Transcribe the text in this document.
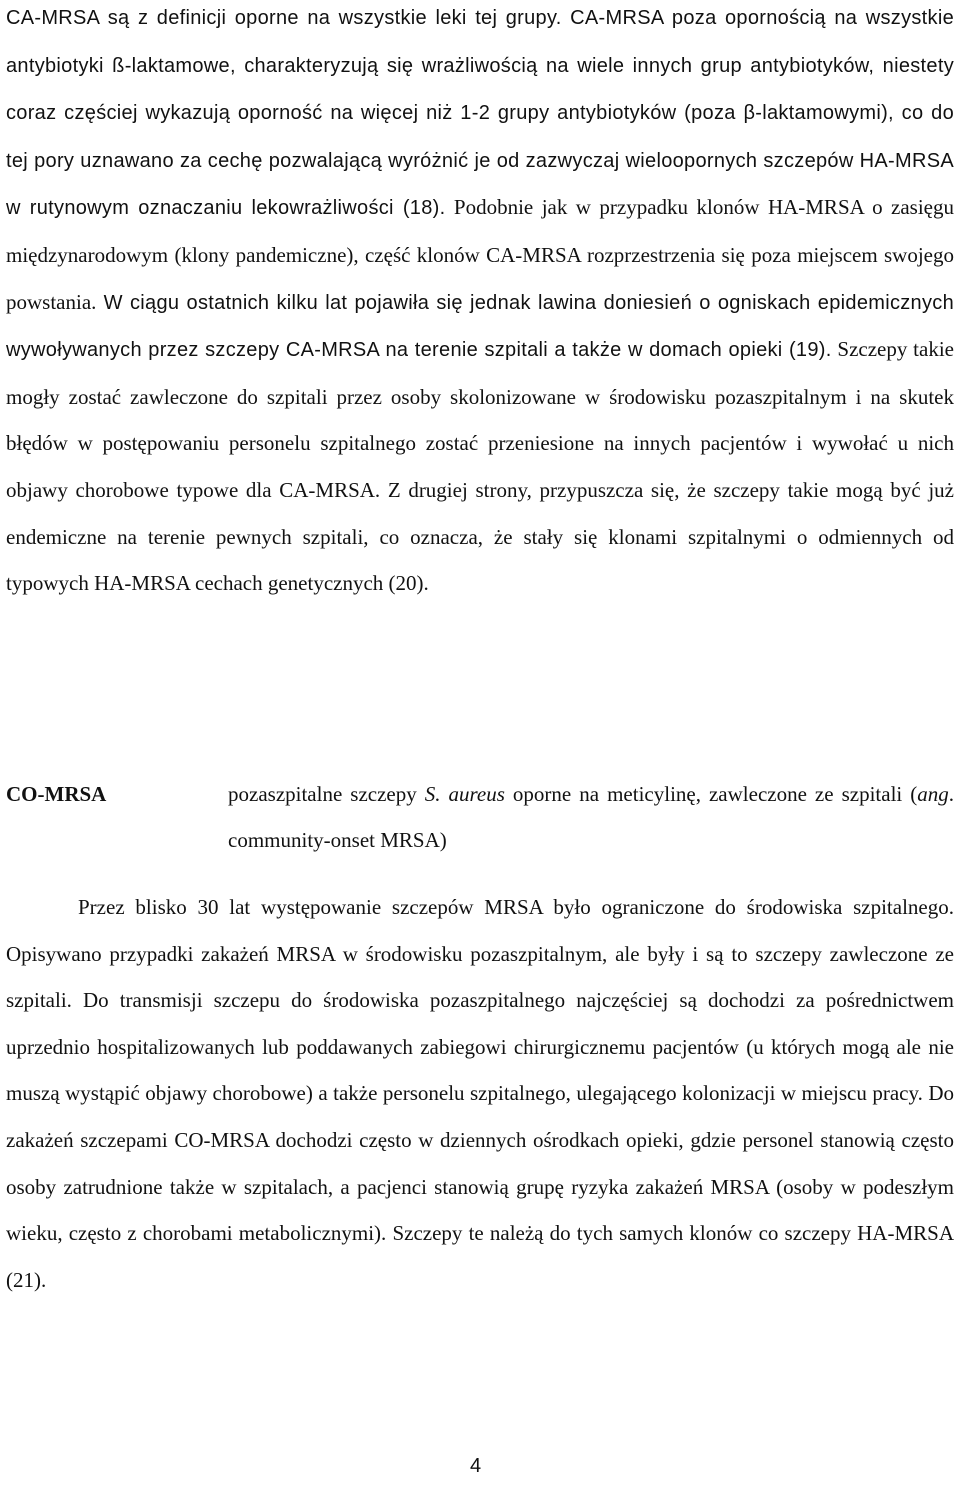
CA-MRSA są z definicji oporne na wszystkie leki tej grupy. CA-MRSA poza opornością na wszystkie antybiotyki ß-laktamowe, charakteryzują się wrażliwością na wiele innych grup antybiotyków, niestety coraz częściej wykazują oporność na więcej niż 1-2 grupy antybiotyków (poza β-laktamowymi), co do tej pory uznawano za cechę pozwalającą wyróżnić je od zazwyczaj wieloopornych szczepów HA-MRSA w rutynowym oznaczaniu lekowrażliwości (18). Podobnie jak w przypadku klonów HA-MRSA o zasięgu międzynarodowym (klony pandemiczne), część klonów CA-MRSA rozprzestrzenia się poza miejscem swojego powstania. W ciągu ostatnich kilku lat pojawiła się jednak lawina doniesień o ogniskach epidemicznych wywoływanych przez szczepy CA-MRSA na terenie szpitali a także w domach opieki (19). Szczepy takie mogły zostać zawleczone do szpitali przez osoby skolonizowane w środowisku pozaszpitalnym i na skutek błędów w postępowaniu personelu szpitalnego zostać przeniesione na innych pacjentów i wywołać u nich objawy chorobowe typowe dla CA-MRSA. Z drugiej strony, przypuszcza się, że szczepy takie mogą być już endemiczne na terenie pewnych szpitali, co oznacza, że stały się klonami szpitalnymi o odmiennych od typowych HA-MRSA cechach genetycznych (20).

CO-MRSA	pozaszpitalne szczepy S. aureus oporne na meticylinę, zawleczone ze szpitali (ang. community-onset MRSA)

Przez blisko 30 lat występowanie szczepów MRSA było ograniczone do środowiska szpitalnego. Opisywano przypadki zakażeń MRSA w środowisku pozaszpitalnym, ale były i są to szczepy zawleczone ze szpitali. Do transmisji szczepu do środowiska pozaszpitalnego najczęściej są dochodzi za pośrednictwem uprzednio hospitalizowanych lub poddawanych zabiegowi chirurgicznemu pacjentów (u których mogą ale nie muszą wystąpić objawy chorobowe) a także personelu szpitalnego, ulegającego kolonizacji w miejscu pracy. Do zakażeń szczepami CO-MRSA dochodzi często w dziennych ośrodkach opieki, gdzie personel stanowią często osoby zatrudnione także w szpitalach, a pacjenci stanowią grupę ryzyka zakażeń MRSA (osoby w podeszłym wieku, często z chorobami metabolicznymi). Szczepy te należą do tych samych klonów co szczepy HA-MRSA (21).

4
